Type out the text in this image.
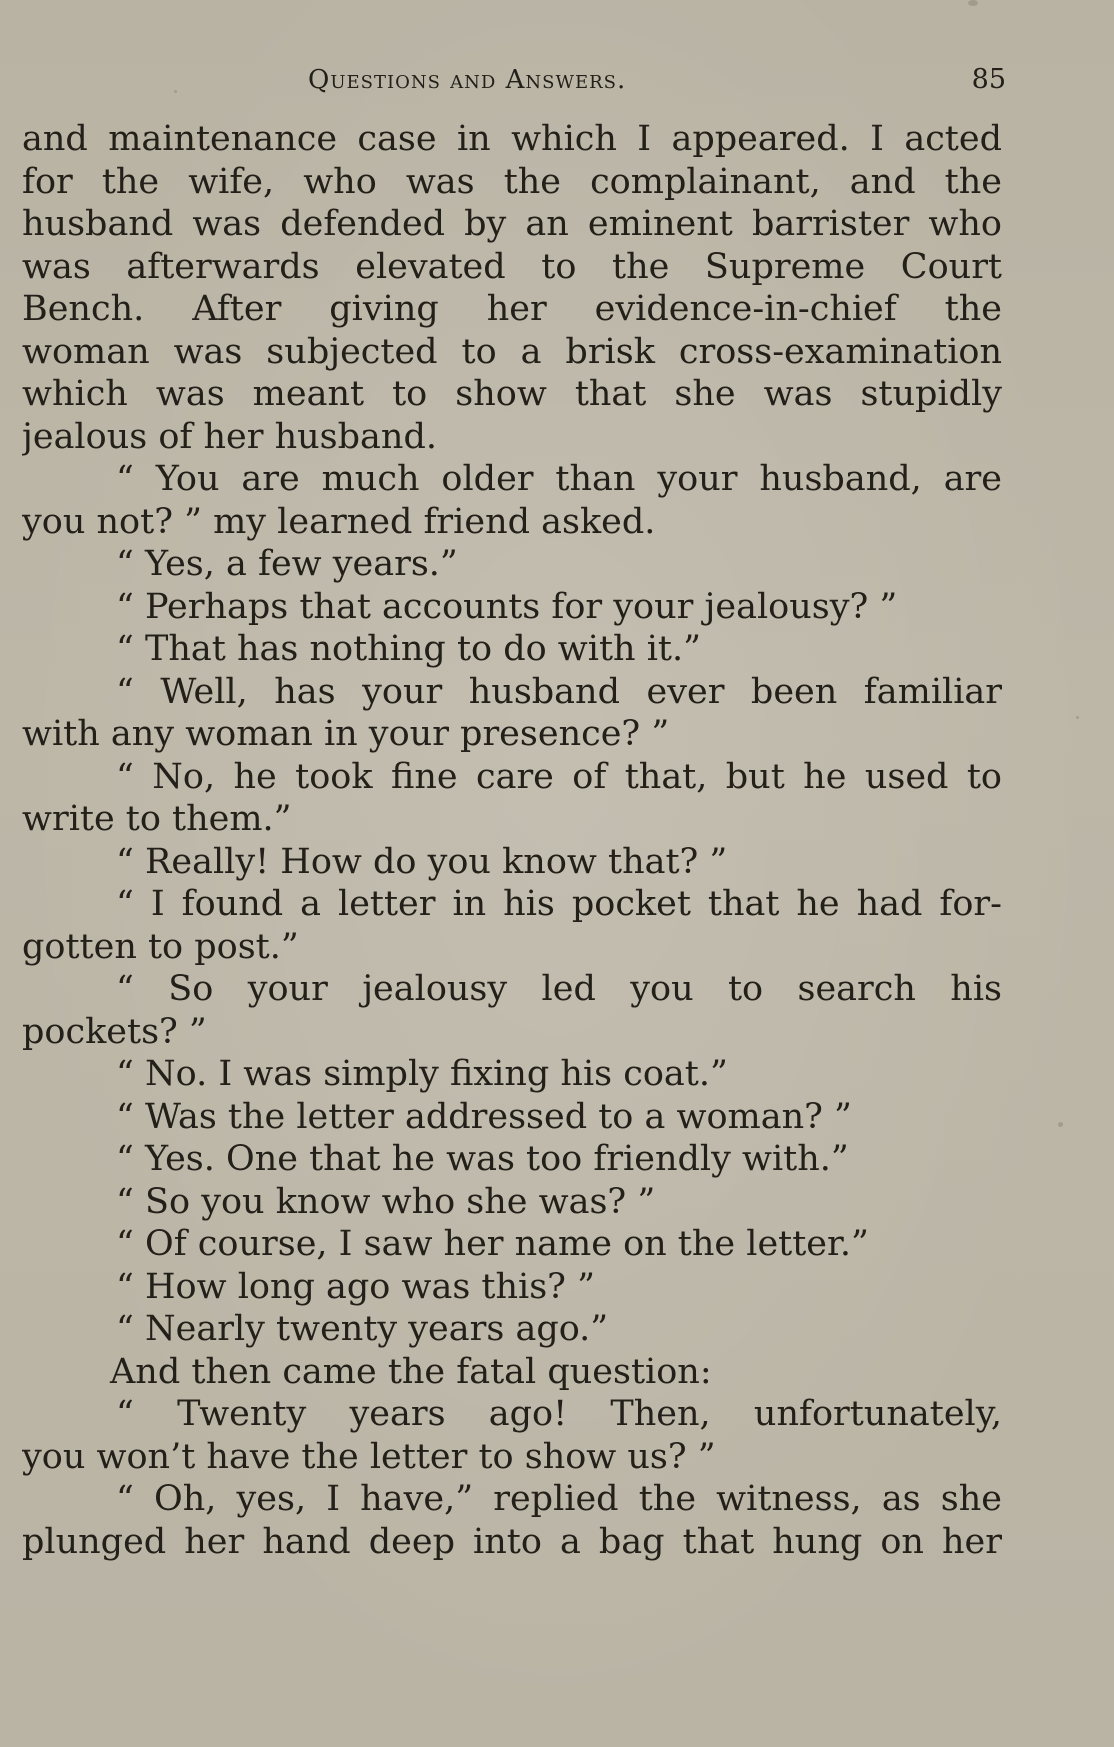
Questions and Answers.	85
and maintenance case in which I appeared. I acted
for the wife, who was the complainant, and the
husband was defended by an eminent barrister who
was afterwards elevated to the Supreme Court
Bench. After giving her evidence-in-chief the
woman was subjected to a brisk cross-examination
which was meant to show that she was stupidly
jealous of her husband.
“ You are much older than your husband, are
you not? ” my learned friend asked.
“ Yes, a few years.”
“ Perhaps that accounts for your jealousy? ”
“ That has nothing to do with it.”
“ Well, has your husband ever been familiar
with any woman in your presence? ”
“ No, he took fine care of that, but he used to
write to them.”
“ Really! How do you know that? ”
“ I found a letter in his pocket that he had for-
gotten to post.”
“ So your jealousy led you to search his
pockets? ”
“ No. I was simply fixing his coat.”
“ Was the letter addressed to a woman? ”
“ Yes. One that he was too friendly with.”
“ So you know who she was? ”
“ Of course, I saw her name on the letter.”
“ How long ago was this? ”
“ Nearly twenty years ago.”
And then came the fatal question:
“ Twenty years ago! Then, unfortunately,
you won’t have the letter to show us? ”
“ Oh, yes, I have,” replied the witness, as she
plunged her hand deep into a bag that hung on her
